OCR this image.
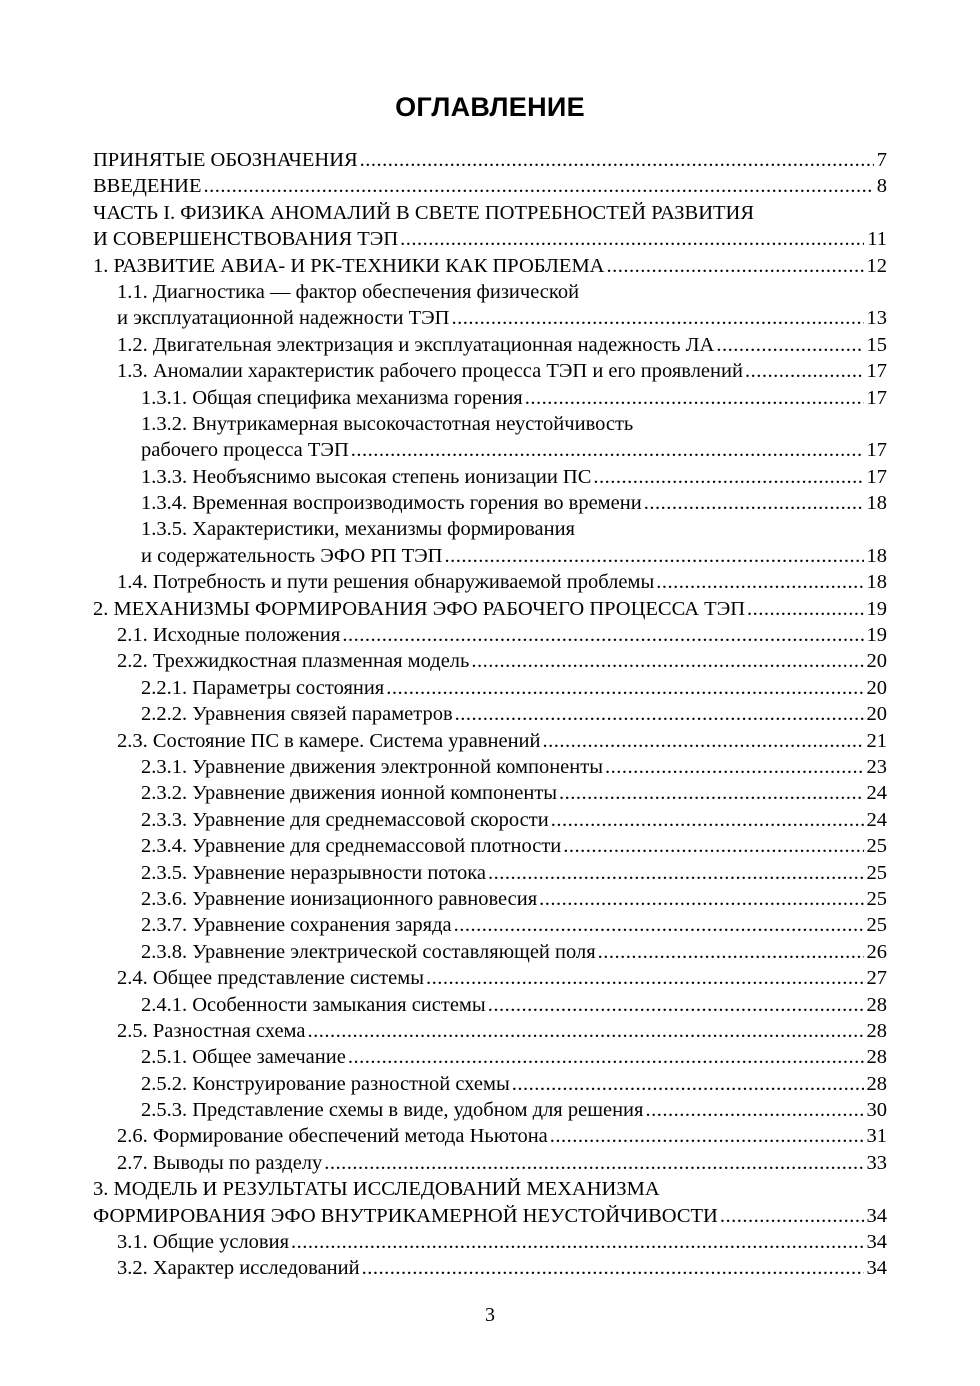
ОГЛАВЛЕНИЕ
ПРИНЯТЫЕ ОБОЗНАЧЕНИЯ .....	7
ВВЕДЕНИЕ .....	8
ЧАСТЬ I. ФИЗИКА АНОМАЛИЙ В СВЕТЕ ПОТРЕБНОСТЕЙ РАЗВИТИЯ
И СОВЕРШЕНСТВОВАНИЯ ТЭП .....	11
1. РАЗВИТИЕ АВИА- И РК-ТЕХНИКИ КАК ПРОБЛЕМА .....	12
1.1. Диагностика — фактор обеспечения физической
и эксплуатационной надежности ТЭП .....	13
1.2. Двигательная электризация и эксплуатационная надежность ЛА .....	15
1.3. Аномалии характеристик рабочего процесса ТЭП и его проявлений .....	17
1.3.1. Общая специфика механизма горения .....	17
1.3.2. Внутрикамерная высокочастотная неустойчивость
рабочего процесса ТЭП .....	17
1.3.3. Необъяснимо высокая степень ионизации ПС .....	17
1.3.4. Временная воспроизводимость горения во времени .....	18
1.3.5. Характеристики, механизмы формирования
и содержательность ЭФО РП ТЭП .....	18
1.4. Потребность и пути решения обнаруживаемой проблемы .....	18
2. МЕХАНИЗМЫ ФОРМИРОВАНИЯ ЭФО РАБОЧЕГО ПРОЦЕССА ТЭП .....	19
2.1. Исходные положения .....	19
2.2. Трехжидкостная плазменная модель .....	20
2.2.1. Параметры состояния .....	20
2.2.2. Уравнения связей параметров .....	20
2.3. Состояние ПС в камере. Система уравнений .....	21
2.3.1. Уравнение движения электронной компоненты .....	23
2.3.2. Уравнение движения ионной компоненты .....	24
2.3.3. Уравнение для среднемассовой скорости .....	24
2.3.4. Уравнение для среднемассовой плотности .....	25
2.3.5. Уравнение неразрывности потока .....	25
2.3.6. Уравнение ионизационного равновесия .....	25
2.3.7. Уравнение сохранения заряда .....	25
2.3.8. Уравнение электрической составляющей поля .....	26
2.4. Общее представление системы .....	27
2.4.1. Особенности замыкания системы .....	28
2.5. Разностная схема .....	28
2.5.1. Общее замечание .....	28
2.5.2. Конструирование разностной схемы .....	28
2.5.3. Представление схемы в виде, удобном для решения .....	30
2.6. Формирование обеспечений метода Ньютона .....	31
2.7. Выводы по разделу .....	33
3. МОДЕЛЬ И РЕЗУЛЬТАТЫ ИССЛЕДОВАНИЙ МЕХАНИЗМА
ФОРМИРОВАНИЯ ЭФО ВНУТРИКАМЕРНОЙ НЕУСТОЙЧИВОСТИ .....	34
3.1. Общие условия .....	34
3.2. Характер исследований .....	34
3
